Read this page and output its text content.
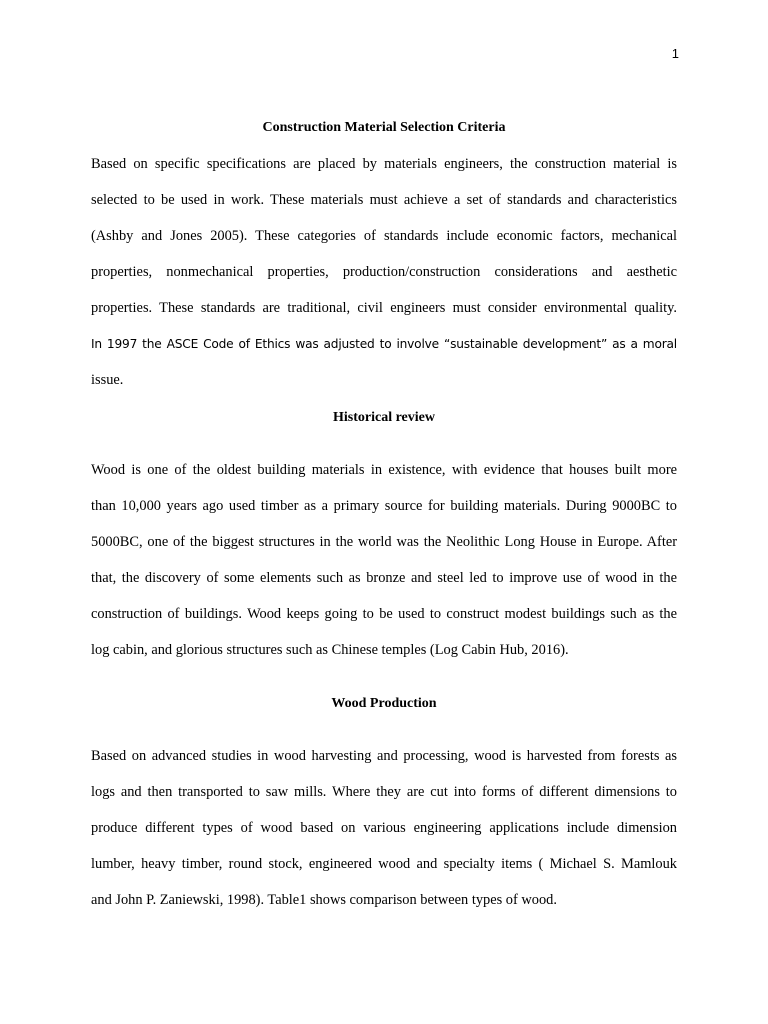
1
Construction Material Selection Criteria

Based on specific specifications are placed by materials engineers, the construction material is

selected to be used in work. These materials must achieve a set of standards and characteristics

(Ashby and Jones 2005). These categories of standards include economic factors, mechanical

properties, nonmechanical properties, production/construction considerations and aesthetic

properties. These standards are traditional, civil engineers must consider environmental quality.

In 1997 the ASCE Code of Ethics was adjusted to involve “sustainable development” as a moral

issue.

Historical review

Wood is one of the oldest building materials in existence, with evidence that houses built more

than 10,000 years ago used timber as a primary source for building materials. During 9000BC to

5000BC, one of the biggest structures in the world was the Neolithic Long House in Europe. After

that, the discovery of some elements such as bronze and steel led to improve use of wood in the

construction of buildings. Wood keeps going to be used to construct modest buildings such as the

log cabin, and glorious structures such as Chinese temples (Log Cabin Hub, 2016).

Wood Production

Based on advanced studies in wood harvesting and processing, wood is harvested from forests as

logs and then transported to saw mills. Where they are cut into forms of different dimensions to

produce different types of wood based on various engineering applications include dimension

lumber, heavy timber, round stock, engineered wood and specialty items ( Michael S. Mamlouk

and John P. Zaniewski, 1998). Table1 shows comparison between types of wood.
